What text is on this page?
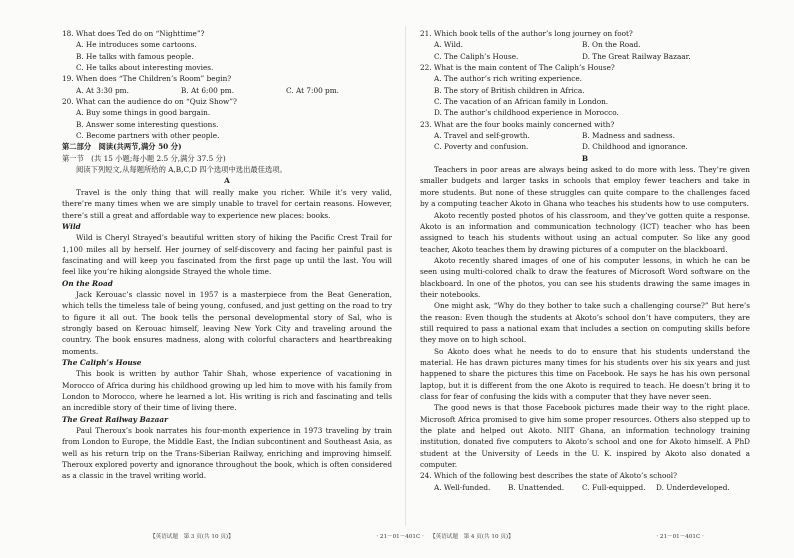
18. What does Ted do on “Nighttime”?

A. He introduces some cartoons.

B. He talks with famous people.

C. He talks about interesting movies.

19. When does “The Children’s Room” begin?

A. At 3:30 pm.	B. At 6:00 pm.	C. At 7:00 pm.

20. What can the audience do on “Quiz Show”?

A. Buy some things in good bargain.

B. Answer some interesting questions.

C. Become partners with other people.

第二部分　阅读(共两节,满分 50 分)

第一节　(共 15 小题;每小题 2.5 分,满分 37.5 分)

阅读下列短文,从每题所给的 A,B,C,D 四个选项中选出最佳选项。

A

Travel is the only thing that will really make you richer. While it’s very valid, there’re many times when we are simply unable to travel for certain reasons. However, there’s still a great and affordable way to experience new places: books.

Wild

Wild is Cheryl Strayed’s beautiful written story of hiking the Pacific Crest Trail for 1,100 miles all by herself. Her journey of self-discovery and facing her painful past is fascinating and will keep you fascinated from the first page up until the last. You will feel like you’re hiking alongside Strayed the whole time.

On the Road

Jack Kerouac’s classic novel in 1957 is a masterpiece from the Beat Generation, which tells the timeless tale of being young, confused, and just getting on the road to try to figure it all out. The book tells the personal developmental story of Sal, who is strongly based on Kerouac himself, leaving New York City and traveling around the country. The book ensures madness, along with colorful characters and heartbreaking moments.

The Caliph’s House

This book is written by author Tahir Shah, whose experience of vacationing in Morocco of Africa during his childhood growing up led him to move with his family from London to Morocco, where he learned a lot. His writing is rich and fascinating and tells an incredible story of their time of living there.

The Great Railway Bazaar

Paul Theroux’s book narrates his four-month experience in 1973 traveling by train from London to Europe, the Middle East, the Indian subcontinent and Southeast Asia, as well as his return trip on the Trans-Siberian Railway, enriching and improving himself. Theroux explored poverty and ignorance throughout the book, which is often considered as a classic in the travel writing world.

21. Which book tells of the author’s long journey on foot?

A. Wild.	B. On the Road.
C. The Caliph’s House.	D. The Great Railway Bazaar.

22. What is the main content of The Caliph’s House?

A. The author’s rich writing experience.

B. The story of British children in Africa.

C. The vacation of an African family in London.

D. The author’s childhood experience in Morocco.

23. What are the four books mainly concerned with?

A. Travel and self-growth.	B. Madness and sadness.
C. Poverty and confusion.	D. Childhood and ignorance.

B

Teachers in poor areas are always being asked to do more with less. They’re given smaller budgets and larger tasks in schools that employ fewer teachers and take in more students. But none of these struggles can quite compare to the challenges faced by a computing teacher Akoto in Ghana who teaches his students how to use computers.

Akoto recently posted photos of his classroom, and they’ve gotten quite a response. Akoto is an information and communication technology (ICT) teacher who has been assigned to teach his students without using an actual computer. So like any good teacher, Akoto teaches them by drawing pictures of a computer on the blackboard.

Akoto recently shared images of one of his computer lessons, in which he can be seen using multi-colored chalk to draw the features of Microsoft Word software on the blackboard. In one of the photos, you can see his students drawing the same images in their notebooks.

One might ask, “Why do they bother to take such a challenging course?” But here’s the reason: Even though the students at Akoto’s school don’t have computers, they are still required to pass a national exam that includes a section on computing skills before they move on to high school.

So Akoto does what he needs to do to ensure that his students understand the material. He has drawn pictures many times for his students over his six years and just happened to share the pictures this time on Facebook. He says he has his own personal laptop, but it is different from the one Akoto is required to teach. He doesn’t bring it to class for fear of confusing the kids with a computer that they have never seen.

The good news is that those Facebook pictures made their way to the right place. Microsoft Africa promised to give him some proper resources. Others also stepped up to the plate and helped out Akoto. NIIT Ghana, an information technology training institution, donated five computers to Akoto’s school and one for Akoto himself. A PhD student at the University of Leeds in the U. K. inspired by Akoto also donated a computer.

24. Which of the following best describes the state of Akoto’s school?

A. Well-funded.	B. Unattended.	C. Full-equipped.	D. Underdeveloped.
【英语试题　第 3 页(共 10 页)】　　　　　　　　　　　　　　　　　　　　　　　　　　· 21－01－401C · 【英语试题　第 4 页(共 10 页)】　　　　　　　　　　　　　　　　　　　　　　　　　　· 21－01－401C ·
